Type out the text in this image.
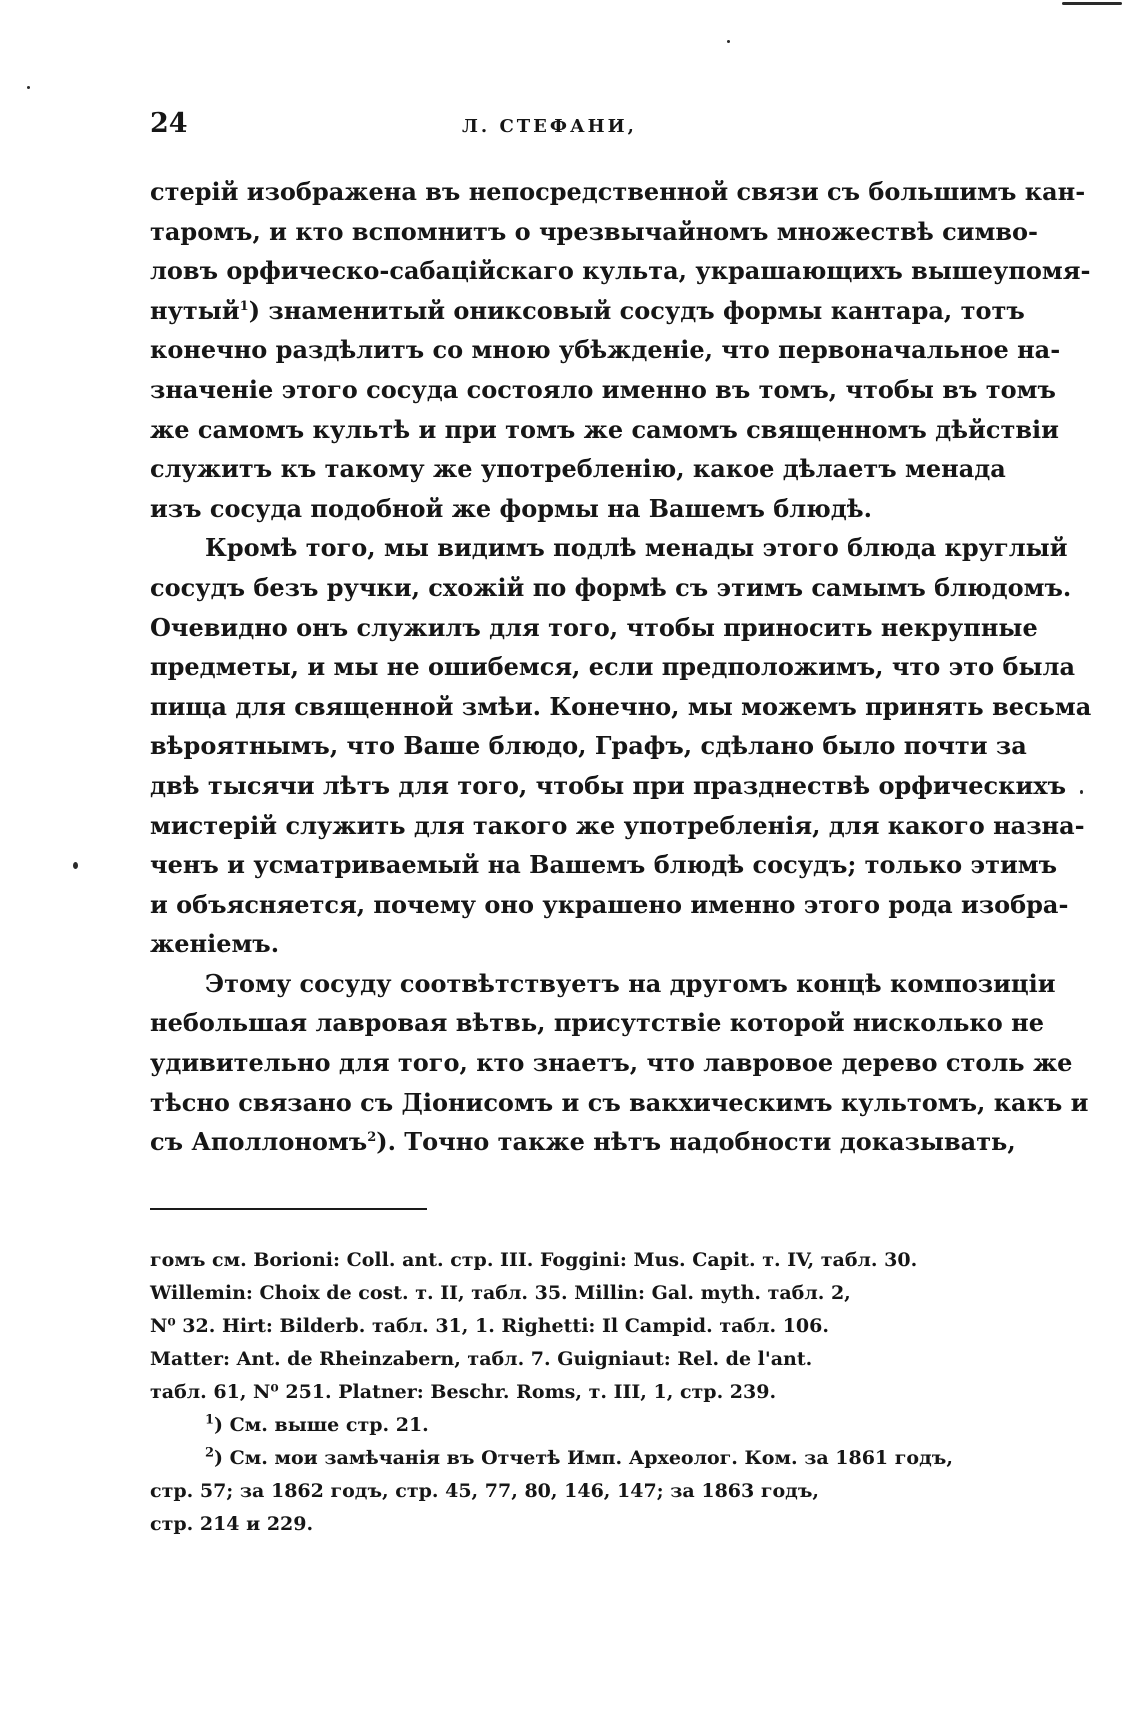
24	Л. СТЕФАНИ,
стерій изображена въ непосредственной связи съ большимъ кан-
таромъ, и кто вспомнитъ о чрезвычайномъ множествѣ симво-
ловъ орфическо-сабаційскаго культа, украшающихъ вышеупомя-
нутый$^1$) знаменитый ониксовый сосудъ формы кантара, тотъ
конечно раздѣлитъ со мною убѣжденіе, что первоначальное на-
значеніе этого сосуда состояло именно въ томъ, чтобы въ томъ
же самомъ культѣ и при томъ же самомъ священномъ дѣйствіи
служитъ къ такому же употребленію, какое дѣлаетъ менада
изъ сосуда подобной же формы на Вашемъ блюдѣ.
Кромѣ того, мы видимъ подлѣ менады этого блюда круглый
сосудъ безъ ручки, схожій по формѣ съ этимъ самымъ блюдомъ.
Очевидно онъ служилъ для того, чтобы приносить некрупные
предметы, и мы не ошибемся, если предположимъ, что это была
пища для священной змѣи. Конечно, мы можемъ принять весьма
вѣроятнымъ, что Ваше блюдо, Графъ, сдѣлано было почти за
двѣ тысячи лѣтъ для того, чтобы при празднествѣ орфическихъ
мистерій служить для такого же употребленія, для какого назна-
ченъ и усматриваемый на Вашемъ блюдѣ сосудъ; только этимъ
и объясняется, почему оно украшено именно этого рода изобра-
женіемъ.
Этому сосуду соотвѣтствуетъ на другомъ концѣ композиціи
небольшая лавровая вѣтвь, присутствіе которой нисколько не
удивительно для того, кто знаетъ, что лавровое дерево столь же
тѣсно связано съ Діонисомъ и съ вакхическимъ культомъ, какъ и
съ Аполлономъ$^2$). Точно также нѣтъ надобности доказывать,
гомъ см. Borioni: Coll. ant. стр. III. Foggini: Mus. Capit. т. IV, табл. 30.
Willemin: Choix de cost. т. II, табл. 35. Millin: Gal. myth. табл. 2,
N⁰ 32. Hirt: Bilderb. табл. 31, 1. Righetti: Il Campid. табл. 106.
Matter: Ant. de Rheinzabern, табл. 7. Guigniaut: Rel. de l'ant.
табл. 61, N⁰ 251. Platner: Beschr. Roms, т. III, 1, стр. 239.
$^1$) См. выше стр. 21.
$^2$) См. мои замѣчанія въ Отчетѣ Имп. Археолог. Ком. за 1861 годъ,
стр. 57; за 1862 годъ, стр. 45, 77, 80, 146, 147; за 1863 годъ,
стр. 214 и 229.
